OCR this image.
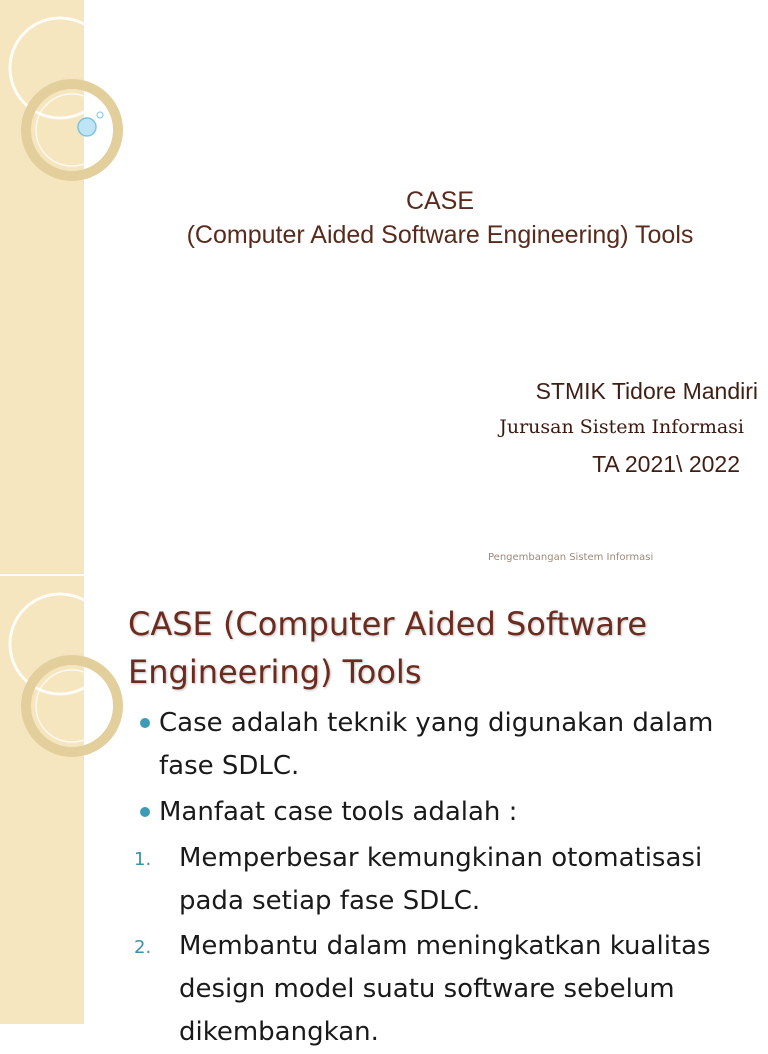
CASE
(Computer Aided Software Engineering) Tools
STMIK Tidore Mandiri
Jurusan Sistem Informasi
TA 2021\ 2022
Pengembangan Sistem Informasi
CASE (Computer Aided Software
Engineering) Tools
Case adalah teknik yang digunakan dalam
fase SDLC.
Manfaat case tools adalah :
1. Memperbesar kemungkinan otomatisasi
pada setiap fase SDLC.
2. Membantu dalam meningkatkan kualitas
design model suatu software sebelum
dikembangkan.
